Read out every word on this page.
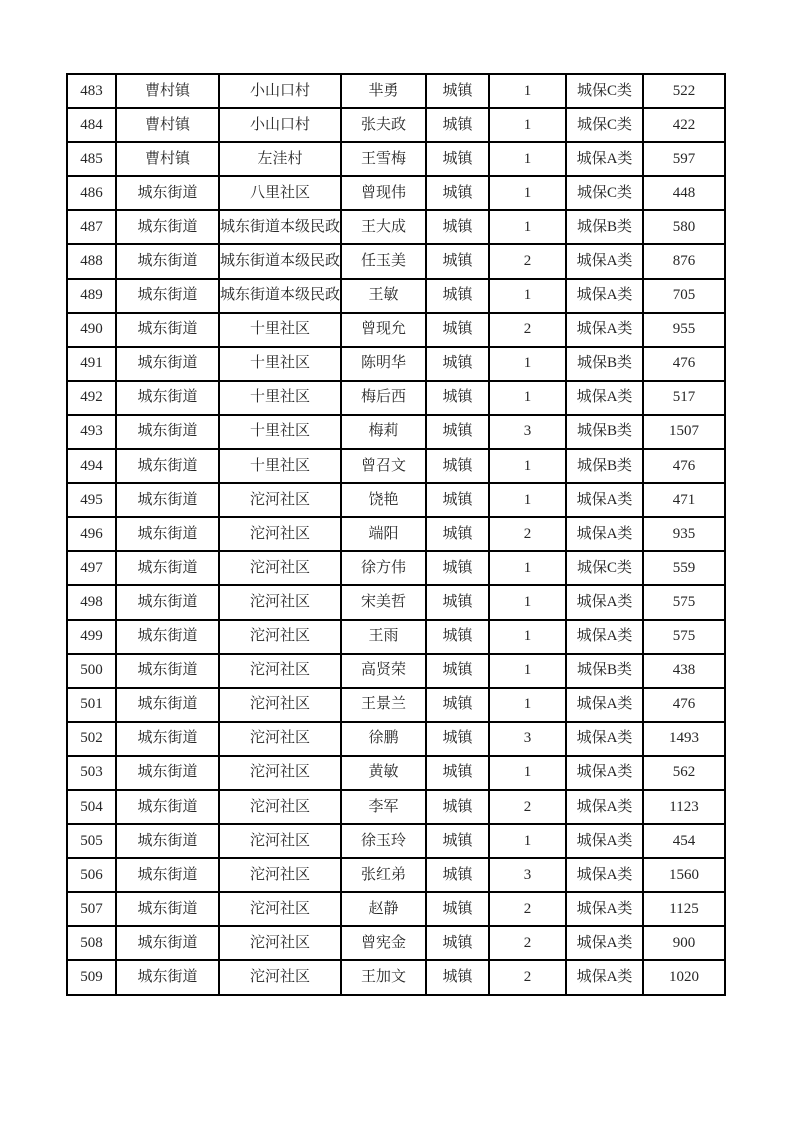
483	曹村镇	小山口村	芈勇	城镇	1	城保C类	522

484	曹村镇	小山口村	张夫政	城镇	1	城保C类	422

485	曹村镇	左洼村	王雪梅	城镇	1	城保A类	597

486	城东街道	八里社区	曾现伟	城镇	1	城保C类	448

487	城东街道	城东街道本级民政	王大成	城镇	1	城保B类	580

488	城东街道	城东街道本级民政	任玉美	城镇	2	城保A类	876

489	城东街道	城东街道本级民政	王敏	城镇	1	城保A类	705

490	城东街道	十里社区	曾现允	城镇	2	城保A类	955

491	城东街道	十里社区	陈明华	城镇	1	城保B类	476

492	城东街道	十里社区	梅后西	城镇	1	城保A类	517

493	城东街道	十里社区	梅莉	城镇	3	城保B类	1507

494	城东街道	十里社区	曾召文	城镇	1	城保B类	476

495	城东街道	沱河社区	饶艳	城镇	1	城保A类	471

496	城东街道	沱河社区	端阳	城镇	2	城保A类	935

497	城东街道	沱河社区	徐方伟	城镇	1	城保C类	559

498	城东街道	沱河社区	宋美哲	城镇	1	城保A类	575

499	城东街道	沱河社区	王雨	城镇	1	城保A类	575

500	城东街道	沱河社区	高贤荣	城镇	1	城保B类	438

501	城东街道	沱河社区	王景兰	城镇	1	城保A类	476

502	城东街道	沱河社区	徐鹏	城镇	3	城保A类	1493

503	城东街道	沱河社区	黄敏	城镇	1	城保A类	562

504	城东街道	沱河社区	李军	城镇	2	城保A类	1123

505	城东街道	沱河社区	徐玉玲	城镇	1	城保A类	454

506	城东街道	沱河社区	张红弟	城镇	3	城保A类	1560

507	城东街道	沱河社区	赵静	城镇	2	城保A类	1125

508	城东街道	沱河社区	曾宪金	城镇	2	城保A类	900

509	城东街道	沱河社区	王加文	城镇	2	城保A类	1020
